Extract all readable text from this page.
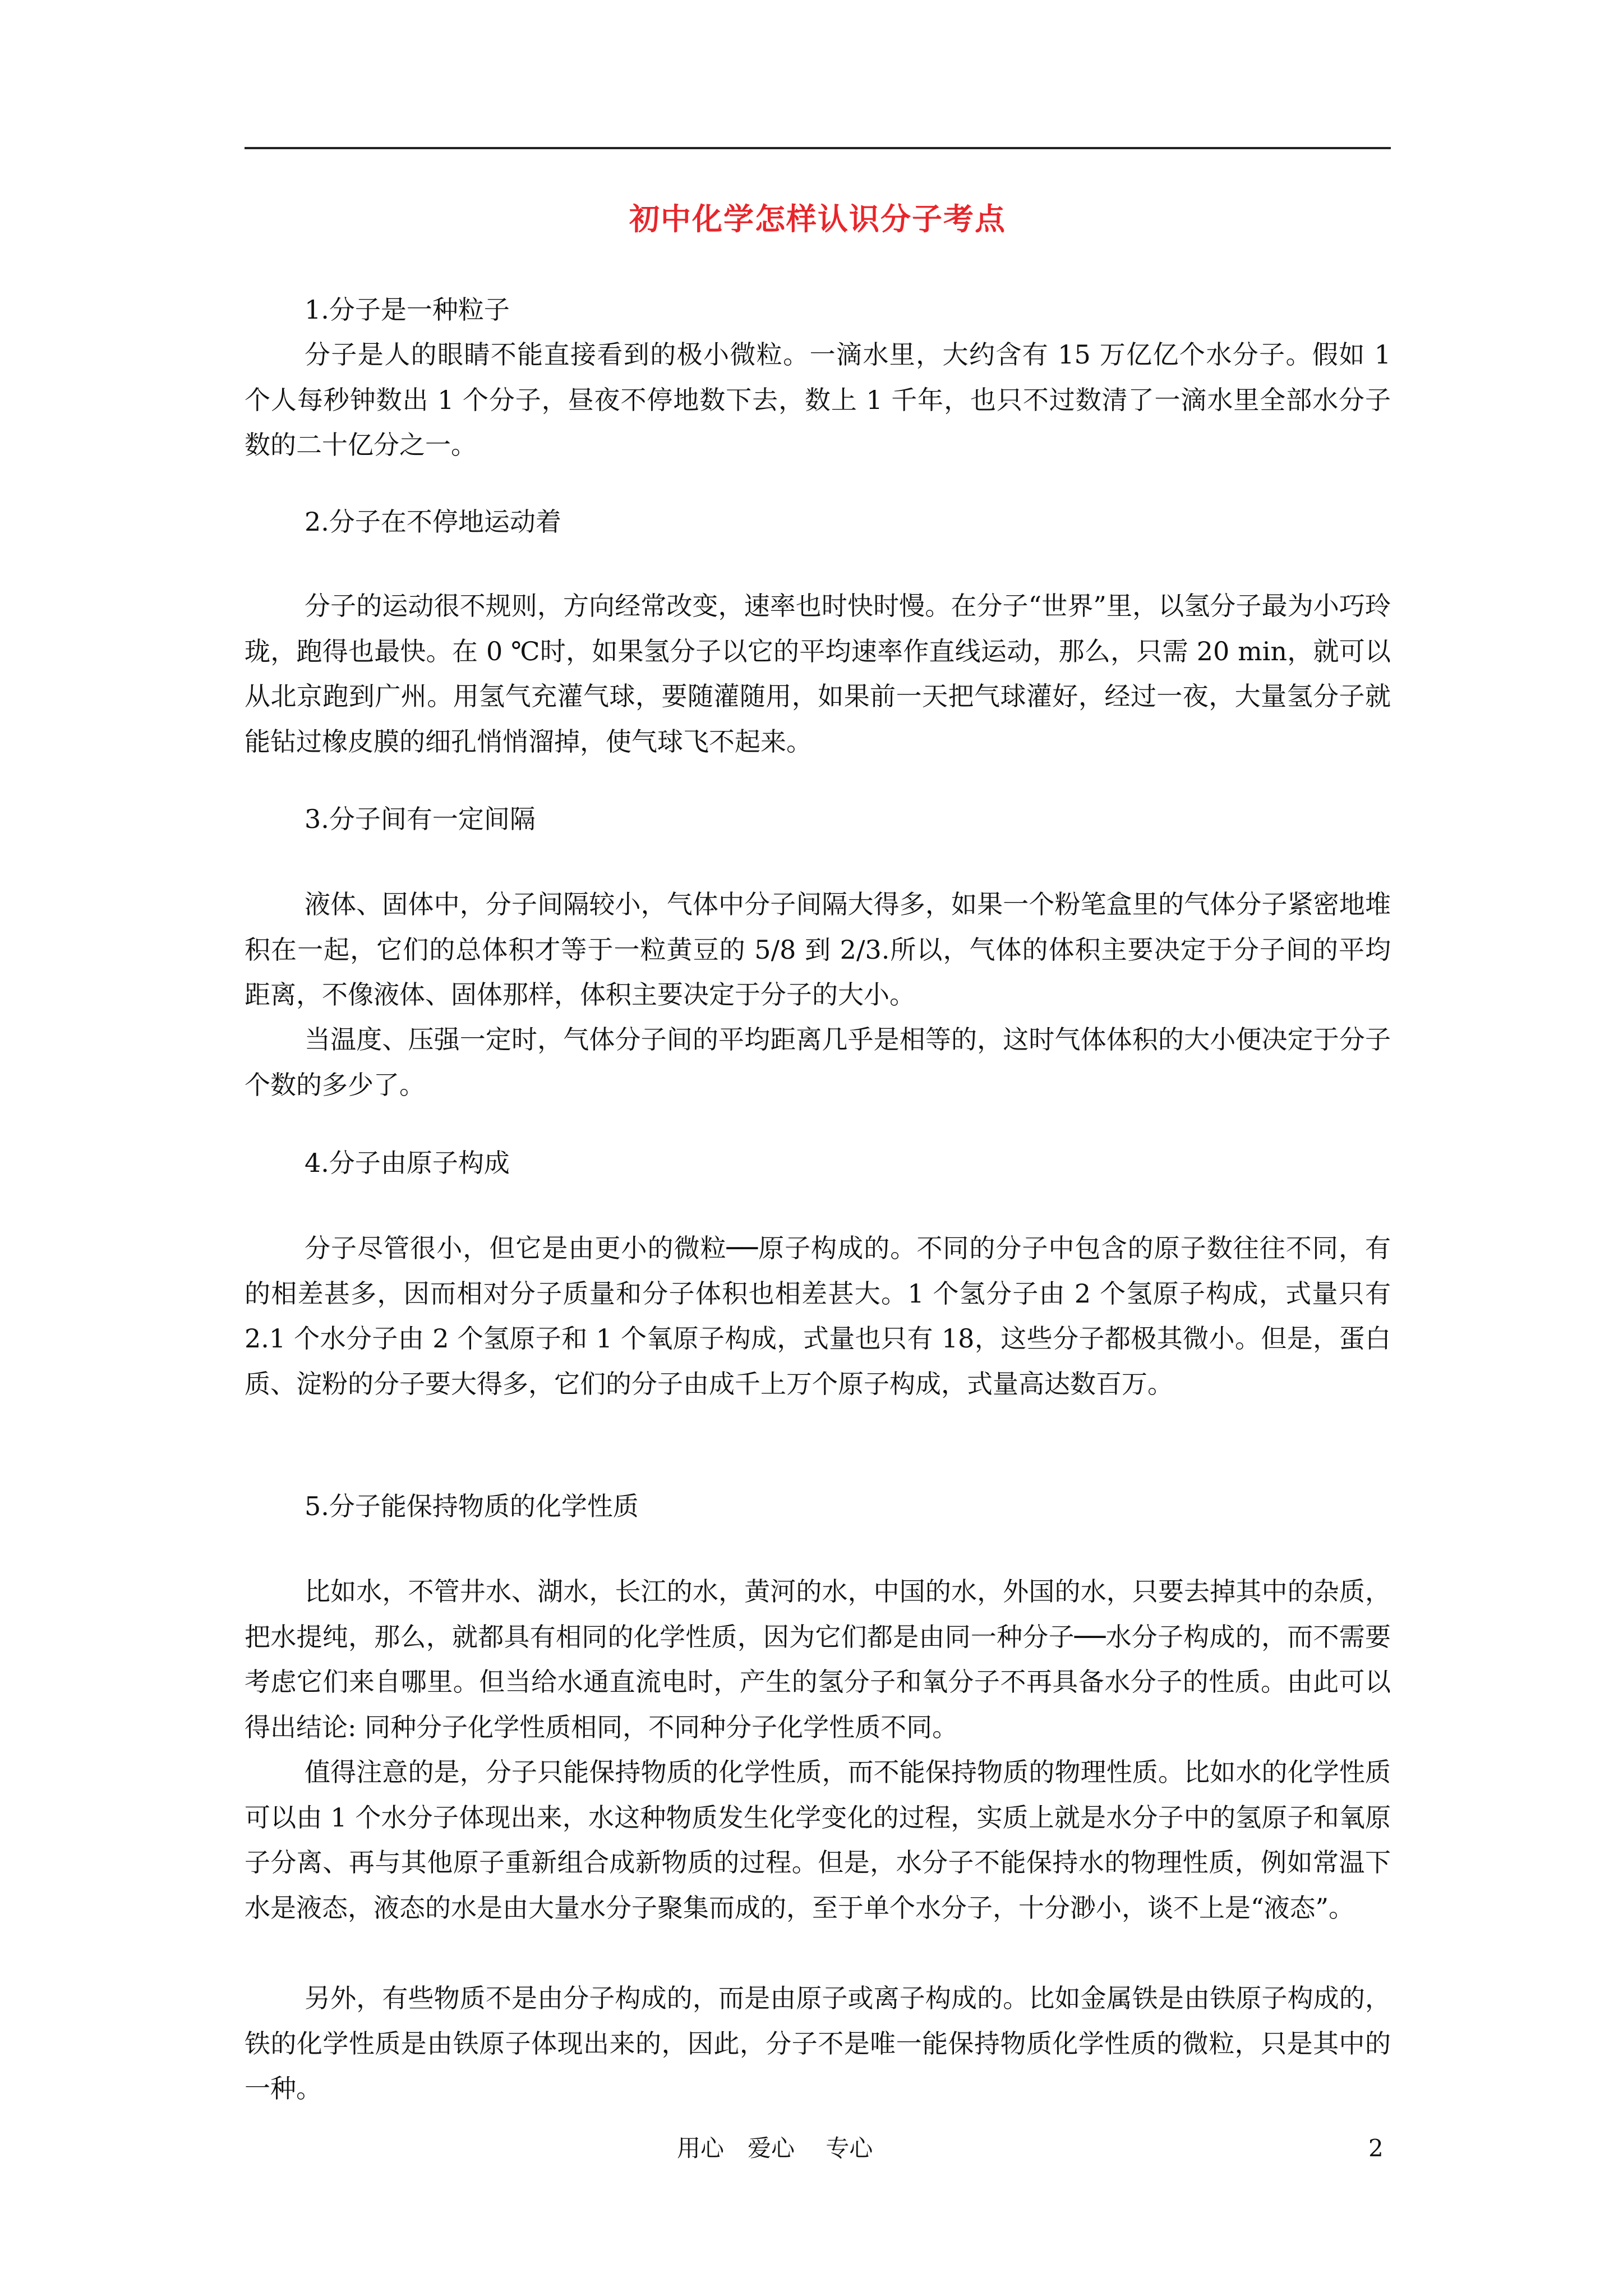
初中化学怎样认识分子考点
1.分子是一种粒子
分子是人的眼睛不能直接看到的极小微粒。一滴水里，大约含有 15 万亿亿个水分子。假如 1 个人每秒钟数出 1 个分子，昼夜不停地数下去，数上 1 千年，也只不过数清了一滴水里全部水分子数的二十亿分之一。
2.分子在不停地运动着
分子的运动很不规则，方向经常改变，速率也时快时慢。在分子“世界”里，以氢分子最为小巧玲珑，跑得也最快。在 0 ℃时，如果氢分子以它的平均速率作直线运动，那么，只需 20 min，就可以从北京跑到广州。用氢气充灌气球，要随灌随用，如果前一天把气球灌好，经过一夜，大量氢分子就能钻过橡皮膜的细孔悄悄溜掉，使气球飞不起来。
3.分子间有一定间隔
液体、固体中，分子间隔较小，气体中分子间隔大得多，如果一个粉笔盒里的气体分子紧密地堆积在一起，它们的总体积才等于一粒黄豆的 5/8 到 2/3.所以，气体的体积主要决定于分子间的平均距离，不像液体、固体那样，体积主要决定于分子的大小。
当温度、压强一定时，气体分子间的平均距离几乎是相等的，这时气体体积的大小便决定于分子个数的多少了。
4.分子由原子构成
分子尽管很小，但它是由更小的微粒──原子构成的。不同的分子中包含的原子数往往不同，有的相差甚多，因而相对分子质量和分子体积也相差甚大。1 个氢分子由 2 个氢原子构成，式量只有 2.1 个水分子由 2 个氢原子和 1 个氧原子构成，式量也只有 18，这些分子都极其微小。但是，蛋白质、淀粉的分子要大得多，它们的分子由成千上万个原子构成，式量高达数百万。
5.分子能保持物质的化学性质
比如水，不管井水、湖水，长江的水，黄河的水，中国的水，外国的水，只要去掉其中的杂质，把水提纯，那么，就都具有相同的化学性质，因为它们都是由同一种分子──水分子构成的，而不需要考虑它们来自哪里。但当给水通直流电时，产生的氢分子和氧分子不再具备水分子的性质。由此可以得出结论: 同种分子化学性质相同，不同种分子化学性质不同。
值得注意的是，分子只能保持物质的化学性质，而不能保持物质的物理性质。比如水的化学性质可以由 1 个水分子体现出来，水这种物质发生化学变化的过程，实质上就是水分子中的氢原子和氧原子分离、再与其他原子重新组合成新物质的过程。但是，水分子不能保持水的物理性质，例如常温下水是液态，液态的水是由大量水分子聚集而成的，至于单个水分子，十分渺小，谈不上是“液态”。
另外，有些物质不是由分子构成的，而是由原子或离子构成的。比如金属铁是由铁原子构成的，铁的化学性质是由铁原子体现出来的，因此，分子不是唯一能保持物质化学性质的微粒，只是其中的一种。
用心　爱心　 专心	2
